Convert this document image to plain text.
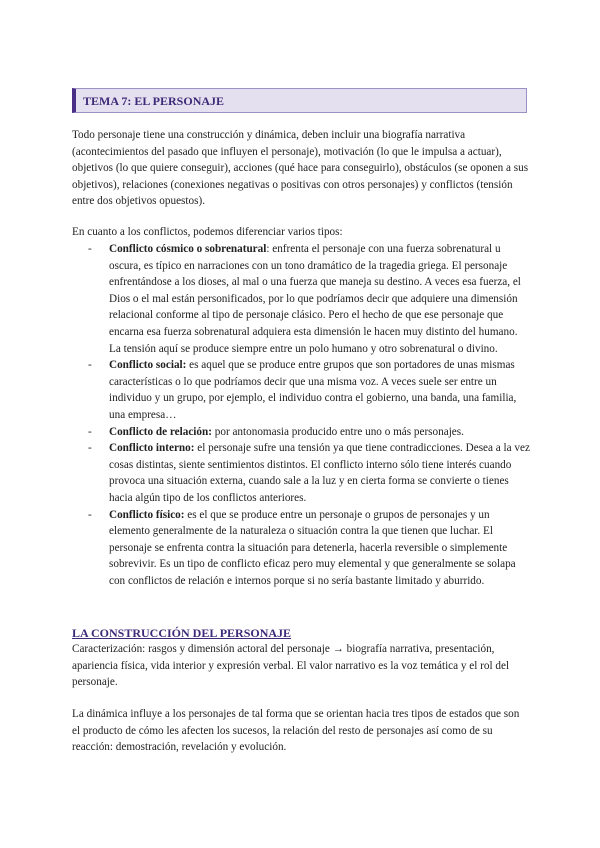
TEMA 7: EL PERSONAJE

Todo personaje tiene una construcción y dinámica, deben incluir una biografía narrativa (acontecimientos del pasado que influyen el personaje), motivación (lo que le impulsa a actuar), objetivos (lo que quiere conseguir), acciones (qué hace para conseguirlo), obstáculos (se oponen a sus objetivos), relaciones (conexiones negativas o positivas con otros personajes) y conflictos (tensión entre dos objetivos opuestos).

En cuanto a los conflictos, podemos diferenciar varios tipos:

- Conflicto cósmico o sobrenatural: enfrenta el personaje con una fuerza sobrenatural u oscura, es típico en narraciones con un tono dramático de la tragedia griega. El personaje enfrentándose a los dioses, al mal o una fuerza que maneja su destino. A veces esa fuerza, el Dios o el mal están personificados, por lo que podríamos decir que adquiere una dimensión relacional conforme al tipo de personaje clásico. Pero el hecho de que ese personaje que encarna esa fuerza sobrenatural adquiera esta dimensión le hacen muy distinto del humano. La tensión aquí se produce siempre entre un polo humano y otro sobrenatural o divino.
- Conflicto social: es aquel que se produce entre grupos que son portadores de unas mismas características o lo que podríamos decir que una misma voz. A veces suele ser entre un individuo y un grupo, por ejemplo, el individuo contra el gobierno, una banda, una familia, una empresa…
- Conflicto de relación: por antonomasia producido entre uno o más personajes.
- Conflicto interno: el personaje sufre una tensión ya que tiene contradicciones. Desea a la vez cosas distintas, siente sentimientos distintos. El conflicto interno sólo tiene interés cuando provoca una situación externa, cuando sale a la luz y en cierta forma se convierte o tienes hacia algún tipo de los conflictos anteriores.
- Conflicto físico: es el que se produce entre un personaje o grupos de personajes y un elemento generalmente de la naturaleza o situación contra la que tienen que luchar. El personaje se enfrenta contra la situación para detenerla, hacerla reversible o simplemente sobrevivir. Es un tipo de conflicto eficaz pero muy elemental y que generalmente se solapa con conflictos de relación e internos porque si no sería bastante limitado y aburrido.
LA CONSTRUCCIÓN DEL PERSONAJE

Caracterización: rasgos y dimensión actoral del personaje → biografía narrativa, presentación, apariencia física, vida interior y expresión verbal. El valor narrativo es la voz temática y el rol del personaje.

La dinámica influye a los personajes de tal forma que se orientan hacia tres tipos de estados que son el producto de cómo les afecten los sucesos, la relación del resto de personajes así como de su reacción: demostración, revelación y evolución.
